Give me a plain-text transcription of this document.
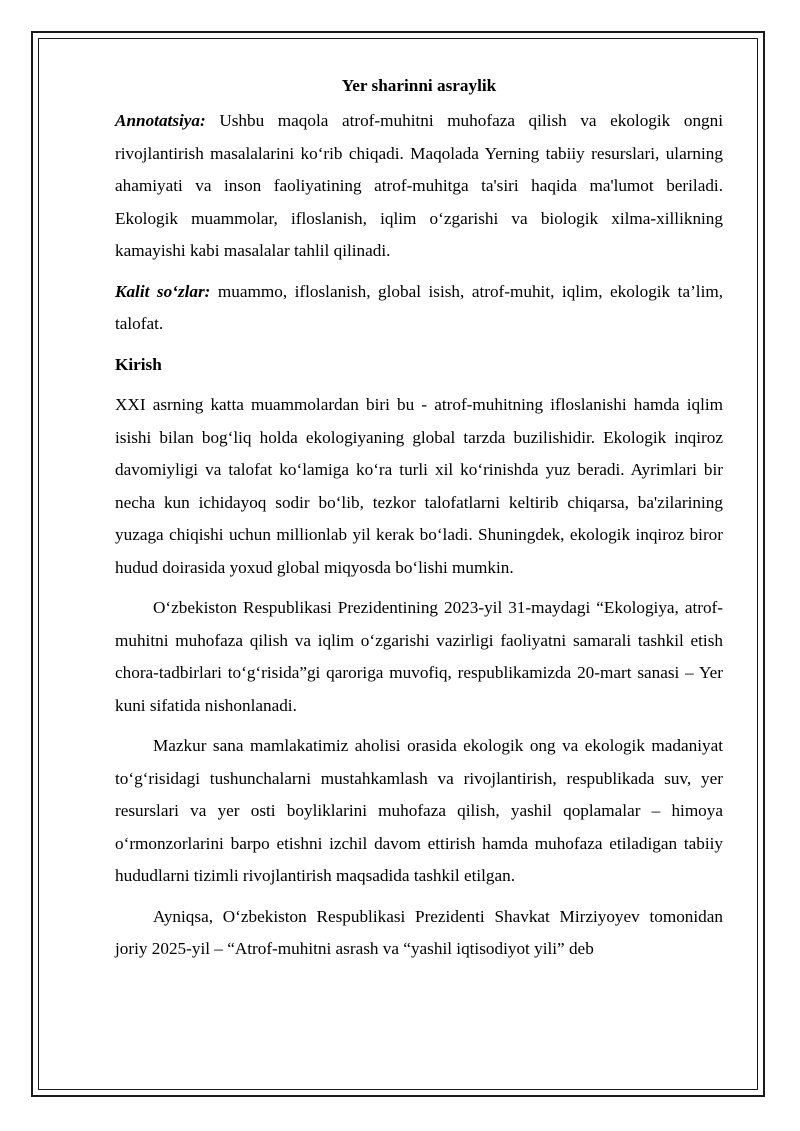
Yer sharinni asraylik

Annotatsiya: Ushbu maqola atrof-muhitni muhofaza qilish va ekologik ongni rivojlantirish masalalarini ko‘rib chiqadi. Maqolada Yerning tabiiy resurslari, ularning ahamiyati va inson faoliyatining atrof-muhitga ta'siri haqida ma'lumot beriladi. Ekologik muammolar, ifloslanish, iqlim o‘zgarishi va biologik xilma-xillikning kamayishi kabi masalalar tahlil qilinadi.

Kalit so‘zlar: muammo, ifloslanish, global isish, atrof-muhit, iqlim, ekologik ta’lim, talofat.

Kirish

XXI asrning katta muammolardan biri bu - atrof-muhitning ifloslanishi hamda iqlim isishi bilan bog‘liq holda ekologiyaning global tarzda buzilishidir. Ekologik inqiroz davomiyligi va talofat ko‘lamiga ko‘ra turli xil ko‘rinishda yuz beradi. Ayrimlari bir necha kun ichidayoq sodir bo‘lib, tezkor talofatlarni keltirib chiqarsa, ba'zilarining yuzaga chiqishi uchun millionlab yil kerak bo‘ladi. Shuningdek, ekologik inqiroz biror hudud doirasida yoxud global miqyosda bo‘lishi mumkin.

O‘zbekiston Respublikasi Prezidentining 2023-yil 31-maydagi “Ekologiya, atrof-muhitni muhofaza qilish va iqlim o‘zgarishi vazirligi faoliyatni samarali tashkil etish chora-tadbirlari to‘g‘risida”gi qaroriga muvofiq, respublikamizda 20-mart sanasi – Yer kuni sifatida nishonlanadi.

Mazkur sana mamlakatimiz aholisi orasida ekologik ong va ekologik madaniyat to‘g‘risidagi tushunchalarni mustahkamlash va rivojlantirish, respublikada suv, yer resurslari va yer osti boyliklarini muhofaza qilish, yashil qoplamalar – himoya o‘rmonzorlarini barpo etishni izchil davom ettirish hamda muhofaza etiladigan tabiiy hududlarni tizimli rivojlantirish maqsadida tashkil etilgan.

Ayniqsa, O‘zbekiston Respublikasi Prezidenti Shavkat Mirziyoyev tomonidan joriy 2025-yil – “Atrof-muhitni asrash va “yashil iqtisodiyot yili” deb
